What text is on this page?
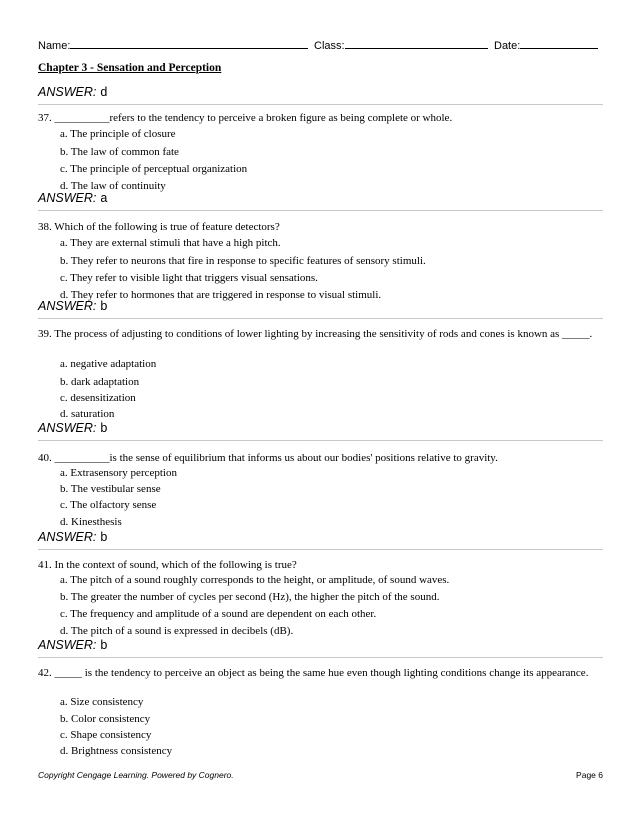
Name:	Class:	Date:
Chapter 3 - Sensation and Perception
ANSWER: d
37. __________refers to the tendency to perceive a broken figure as being complete or whole.
a. The principle of closure
b. The law of common fate
c. The principle of perceptual organization
d. The law of continuity
ANSWER: a
38. Which of the following is true of feature detectors?
a. They are external stimuli that have a high pitch.
b. They refer to neurons that fire in response to specific features of sensory stimuli.
c. They refer to visible light that triggers visual sensations.
d. They refer to hormones that are triggered in response to visual stimuli.
ANSWER: b
39. The process of adjusting to conditions of lower lighting by increasing the sensitivity of rods and cones is known as _____.
a. negative adaptation
b. dark adaptation
c. desensitization
d. saturation
ANSWER: b
40. __________is the sense of equilibrium that informs us about our bodies' positions relative to gravity.
a. Extrasensory perception
b. The vestibular sense
c. The olfactory sense
d. Kinesthesis
ANSWER: b
41. In the context of sound, which of the following is true?
a. The pitch of a sound roughly corresponds to the height, or amplitude, of sound waves.
b. The greater the number of cycles per second (Hz), the higher the pitch of the sound.
c. The frequency and amplitude of a sound are dependent on each other.
d. The pitch of a sound is expressed in decibels (dB).
ANSWER: b
42. _____ is the tendency to perceive an object as being the same hue even though lighting conditions change its appearance.
a. Size consistency
b. Color consistency
c. Shape consistency
d. Brightness consistency
Copyright Cengage Learning. Powered by Cognero.	Page 6
